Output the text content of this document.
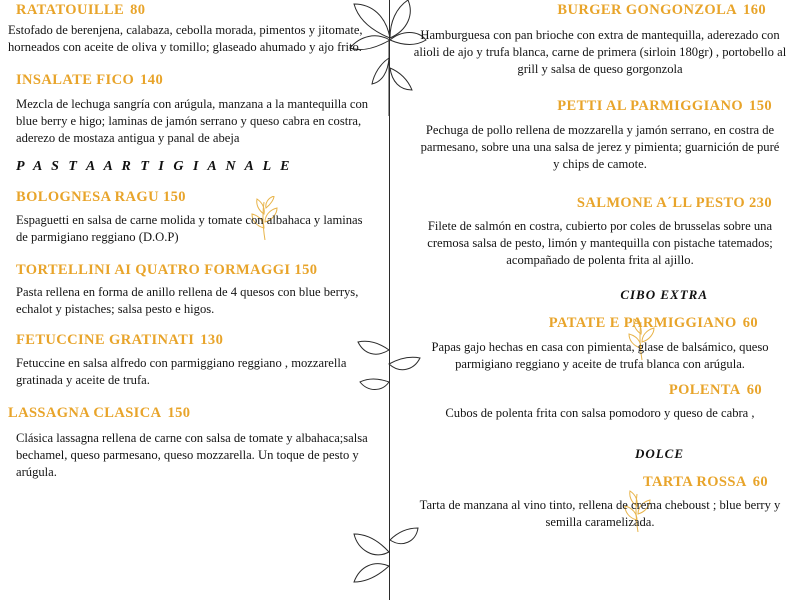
RATATOUILLE 80
Estofado de berenjena, calabaza, cebolla morada, pimentos y jitomate, horneados con aceite de oliva y tomillo; glaseado ahumado y ajo frito.
INSALATE FICO 140
Mezcla de lechuga sangría con arúgula, manzana a la mantequilla con blue berry e higo; laminas de jamón serrano y queso cabra en costra, aderezo de mostaza antigua y panal de abeja
P A S T A A R T I G I A N A L E
BOLOGNESA RAGU 150
Espaguetti en salsa de carne molida y tomate con albahaca y laminas de parmigiano reggiano (D.O.P)
TORTELLINI AI QUATRO FORMAGGI 150
Pasta rellena en forma de anillo rellena de 4 quesos con blue berrys, echalot y pistaches; salsa pesto e higos.
FETUCCINE GRATINATI 130
Fetuccine en salsa alfredo con parmiggiano reggiano , mozzarella gratinada y aceite de trufa.
LASSAGNA CLASICA 150
Clásica lassagna rellena de carne con salsa de tomate y albahaca;salsa bechamel, queso parmesano, queso mozzarella. Un toque de pesto y arúgula.
BURGER GONGONZOLA 160
Hamburguesa con pan brioche con extra de mantequilla, aderezado con alioli de ajo y trufa blanca, carne de primera (sirloin 180gr) , portobello al grill y salsa de queso gorgonzola
PETTI AL PARMIGGIANO 150
Pechuga de pollo rellena de mozzarella y jamón serrano, en costra de parmesano, sobre una una salsa de jerez y pimienta; guarnición de puré y chips de camote.
SALMONE A´LL PESTO 230
Filete de salmón en costra, cubierto por coles de brusselas sobre una cremosa salsa de pesto, limón y mantequilla con pistache tatemados; acompañado de polenta frita al ajillo.
CIBO EXTRA
PATATE E PARMIGGIANO 60
Papas gajo hechas en casa con pimienta, glase de balsámico, queso parmigiano reggiano y aceite de trufa blanca con arúgula.
POLENTA 60
Cubos de polenta frita con salsa pomodoro y queso de cabra ,
DOLCE
TARTA ROSSA 60
Tarta de manzana al vino tinto, rellena de crema cheboust ; blue berry y semilla caramelizada.
